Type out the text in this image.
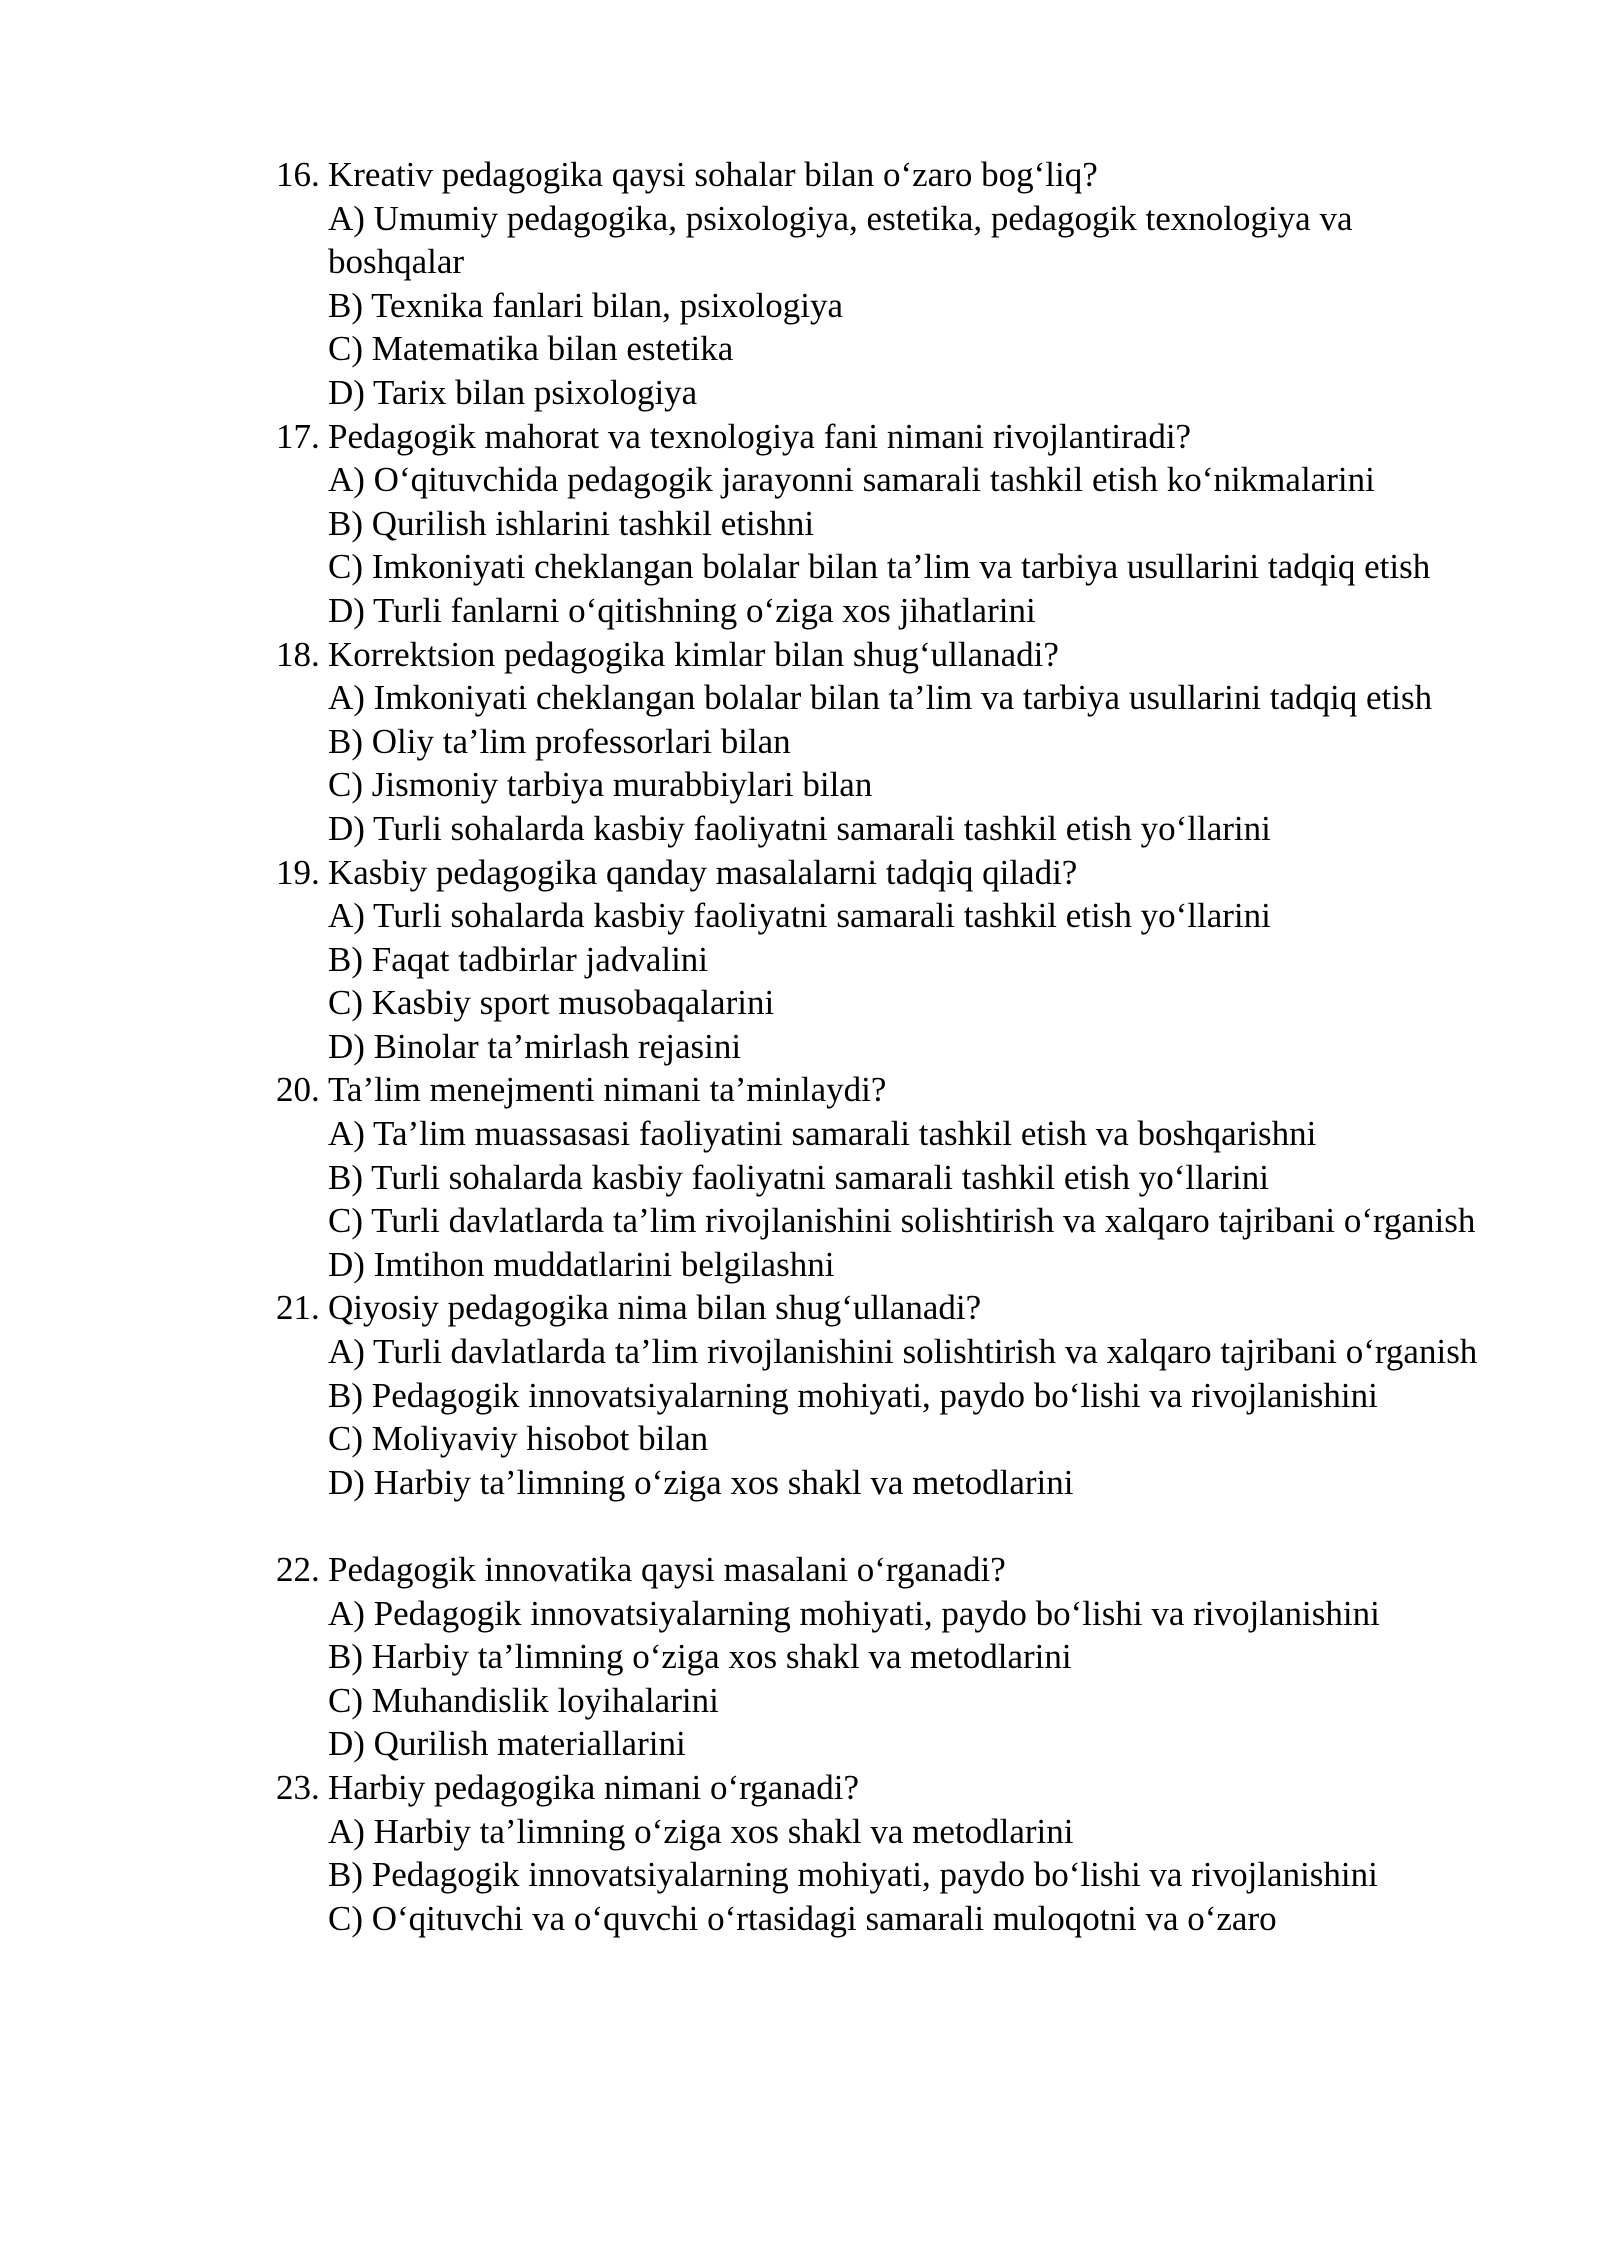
16. Kreativ pedagogika qaysi sohalar bilan o‘zaro bog‘liq?
A) Umumiy pedagogika, psixologiya, estetika, pedagogik texnologiya va boshqalar
B) Texnika fanlari bilan, psixologiya
C) Matematika bilan estetika
D) Tarix bilan psixologiya
17. Pedagogik mahorat va texnologiya fani nimani rivojlantiradi?
A) O‘qituvchida pedagogik jarayonni samarali tashkil etish ko‘nikmalarini
B) Qurilish ishlarini tashkil etishni
C) Imkoniyati cheklangan bolalar bilan ta’lim va tarbiya usullarini tadqiq etish
D) Turli fanlarni o‘qitishning o‘ziga xos jihatlarini
18. Korrektsion pedagogika kimlar bilan shug‘ullanadi?
A) Imkoniyati cheklangan bolalar bilan ta’lim va tarbiya usullarini tadqiq etish
B) Oliy ta’lim professorlari bilan
C) Jismoniy tarbiya murabbiylari bilan
D) Turli sohalarda kasbiy faoliyatni samarali tashkil etish yo‘llarini
19. Kasbiy pedagogika qanday masalalarni tadqiq qiladi?
A) Turli sohalarda kasbiy faoliyatni samarali tashkil etish yo‘llarini
B) Faqat tadbirlar jadvalini
C) Kasbiy sport musobaqalarini
D) Binolar ta’mirlash rejasini
20. Ta’lim menejmenti nimani ta’minlaydi?
A) Ta’lim muassasasi faoliyatini samarali tashkil etish va boshqarishni
B) Turli sohalarda kasbiy faoliyatni samarali tashkil etish yo‘llarini
C) Turli davlatlarda ta’lim rivojlanishini solishtirish va xalqaro tajribani o‘rganish
D) Imtihon muddatlarini belgilashni
21. Qiyosiy pedagogika nima bilan shug‘ullanadi?
A) Turli davlatlarda ta’lim rivojlanishini solishtirish va xalqaro tajribani o‘rganish
B) Pedagogik innovatsiyalarning mohiyati, paydo bo‘lishi va rivojlanishini
C) Moliyaviy hisobot bilan
D) Harbiy ta’limning o‘ziga xos shakl va metodlarini
22. Pedagogik innovatika qaysi masalani o‘rganadi?
A) Pedagogik innovatsiyalarning mohiyati, paydo bo‘lishi va rivojlanishini
B) Harbiy ta’limning o‘ziga xos shakl va metodlarini
C) Muhandislik loyihalarini
D) Qurilish materiallarini
23. Harbiy pedagogika nimani o‘rganadi?
A) Harbiy ta’limning o‘ziga xos shakl va metodlarini
B) Pedagogik innovatsiyalarning mohiyati, paydo bo‘lishi va rivojlanishini
C) O‘qituvchi va o‘quvchi o‘rtasidagi samarali muloqotni va o‘zaro
